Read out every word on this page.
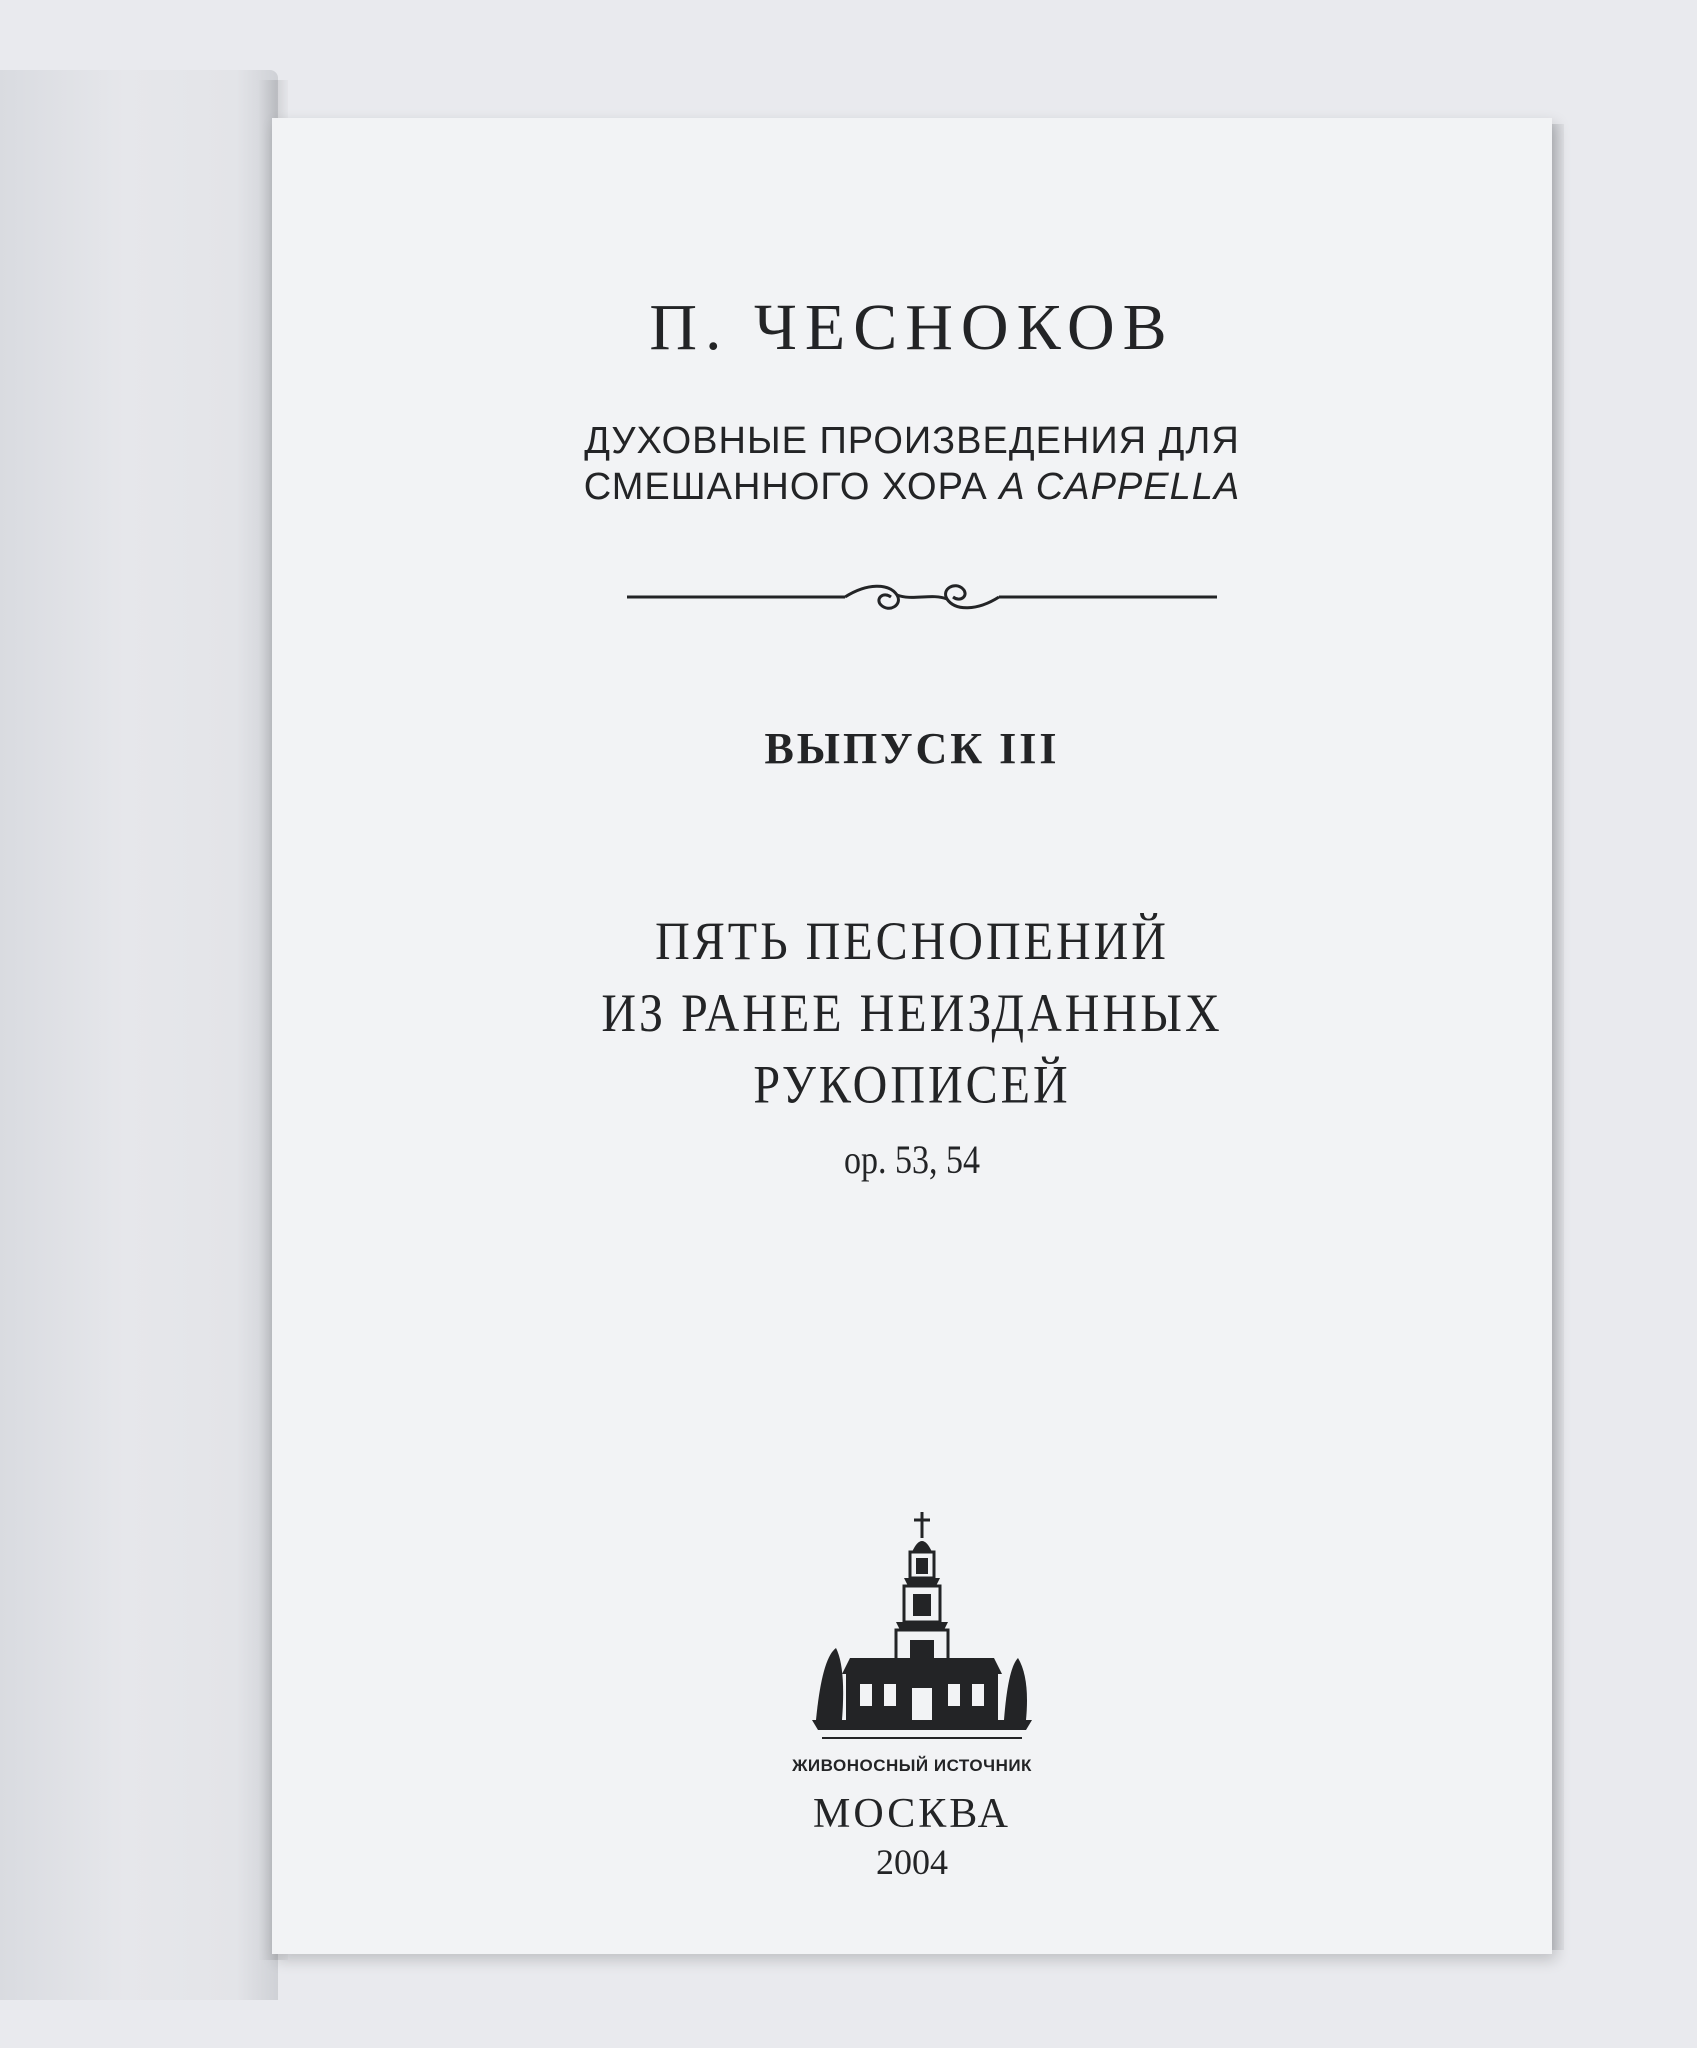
П. ЧЕСНОКОВ
ДУХОВНЫЕ ПРОИЗВЕДЕНИЯ ДЛЯ
СМЕШАННОГО ХОРА A CAPPELLA
ВЫПУСК III
ПЯТЬ ПЕСНОПЕНИЙ
ИЗ РАНЕЕ НЕИЗДАННЫХ
РУКОПИСЕЙ
op. 53, 54
ЖИВОНОСНЫЙ ИСТОЧНИК
МОСКВА
2004
